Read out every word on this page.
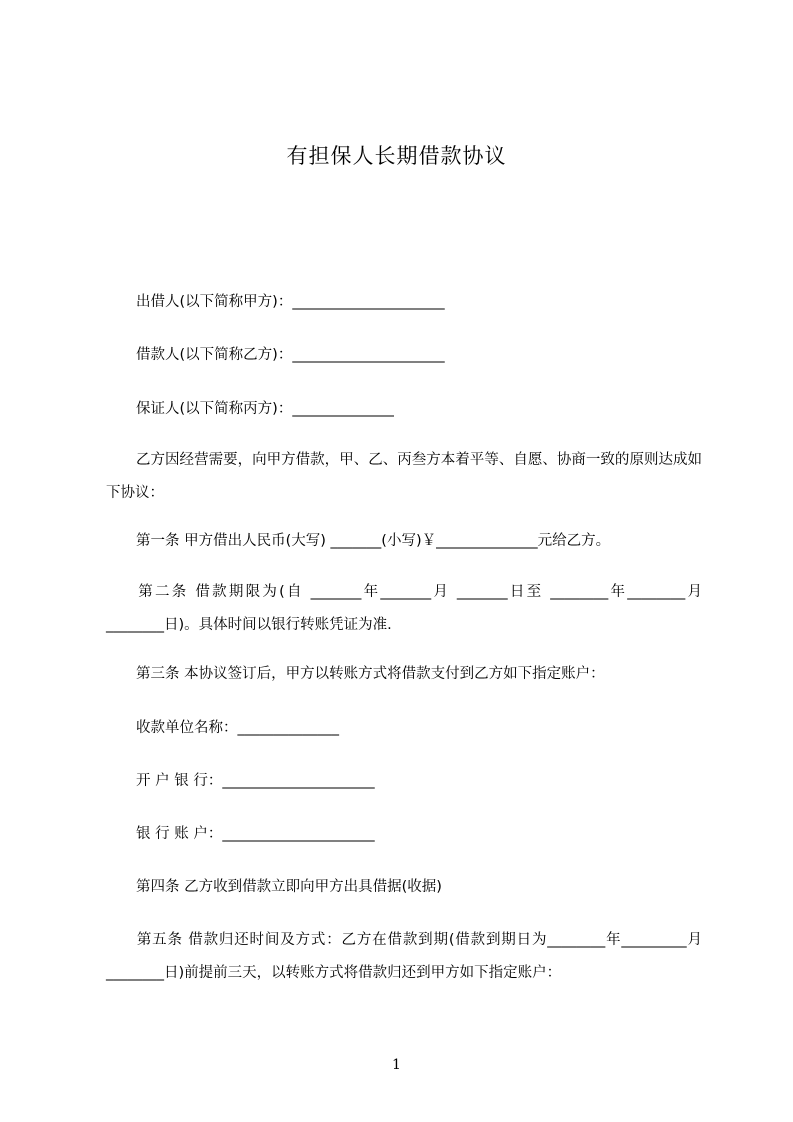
有担保人长期借款协议
出借人(以下简称甲方)：_____________________
借款人(以下简称乙方)：_____________________
保证人(以下简称丙方)：______________
乙方因经营需要，向甲方借款，甲、乙、丙叁方本着平等、自愿、协商一致的原则达成如下协议：
第一条 甲方借出人民币(大写) _______(小写)￥______________元给乙方。
第二条 借款期限为(自 _______年_______月 _______日至 ________年________月________日)。具体时间以银行转账凭证为准.
第三条 本协议签订后，甲方以转账方式将借款支付到乙方如下指定账户：
收款单位名称：______________
开 户 银 行：_____________________
银 行 账 户：_____________________
第四条 乙方收到借款立即向甲方出具借据(收据)
第五条 借款归还时间及方式：乙方在借款到期(借款到期日为________年_________月________日)前提前三天，以转账方式将借款归还到甲方如下指定账户：
1
